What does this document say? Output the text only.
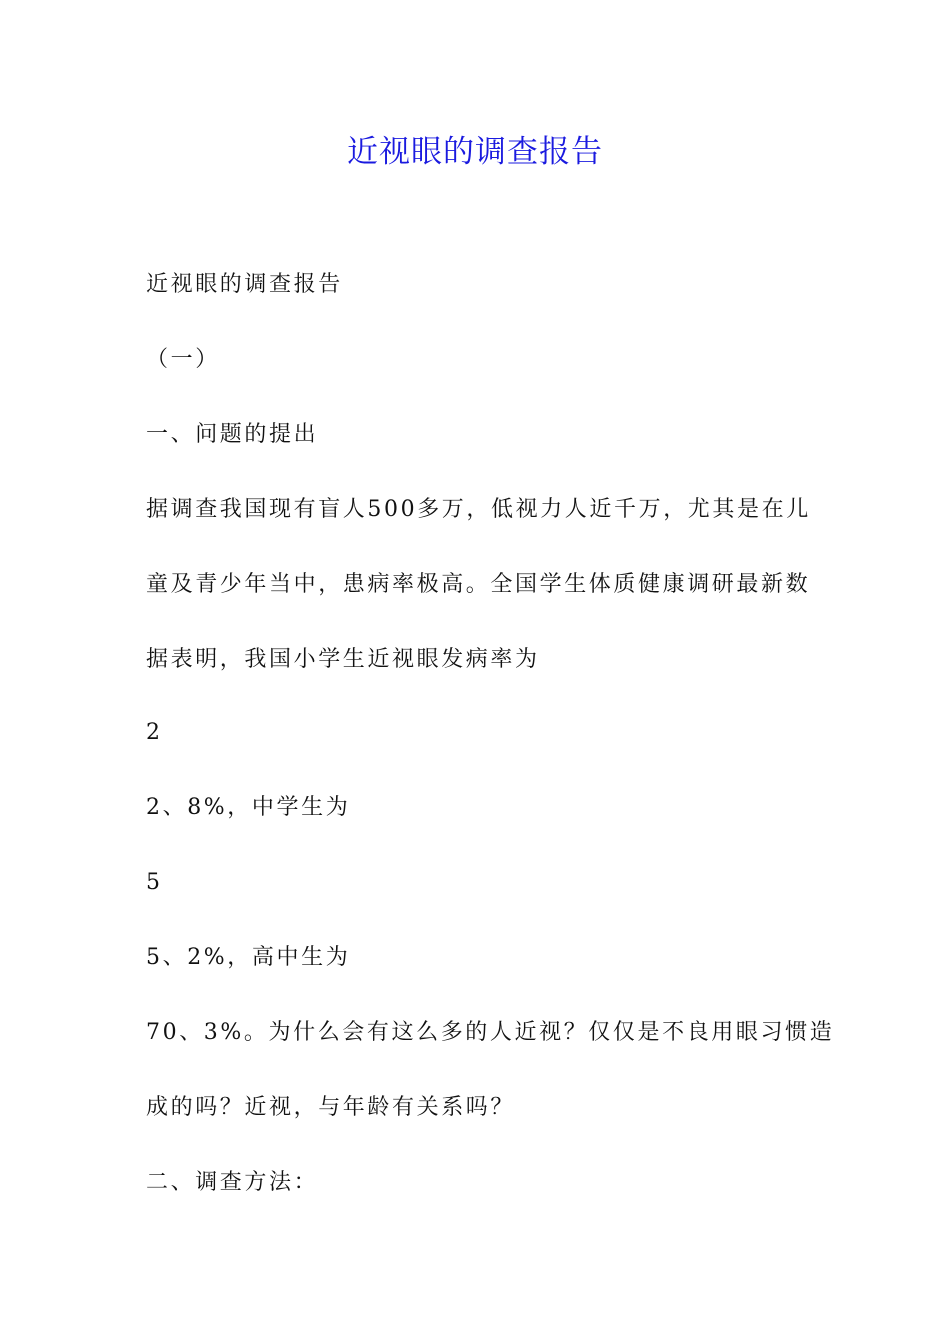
近视眼的调查报告
近视眼的调查报告
（一）
一、问题的提出
据调查我国现有盲人500多万，低视力人近千万，尤其是在儿
童及青少年当中，患病率极高。全国学生体质健康调研最新数
据表明，我国小学生近视眼发病率为
2
2、8%，中学生为
5
5、2%，高中生为
70、3%。为什么会有这么多的人近视？仅仅是不良用眼习惯造
成的吗？近视，与年龄有关系吗？
二、调查方法：
